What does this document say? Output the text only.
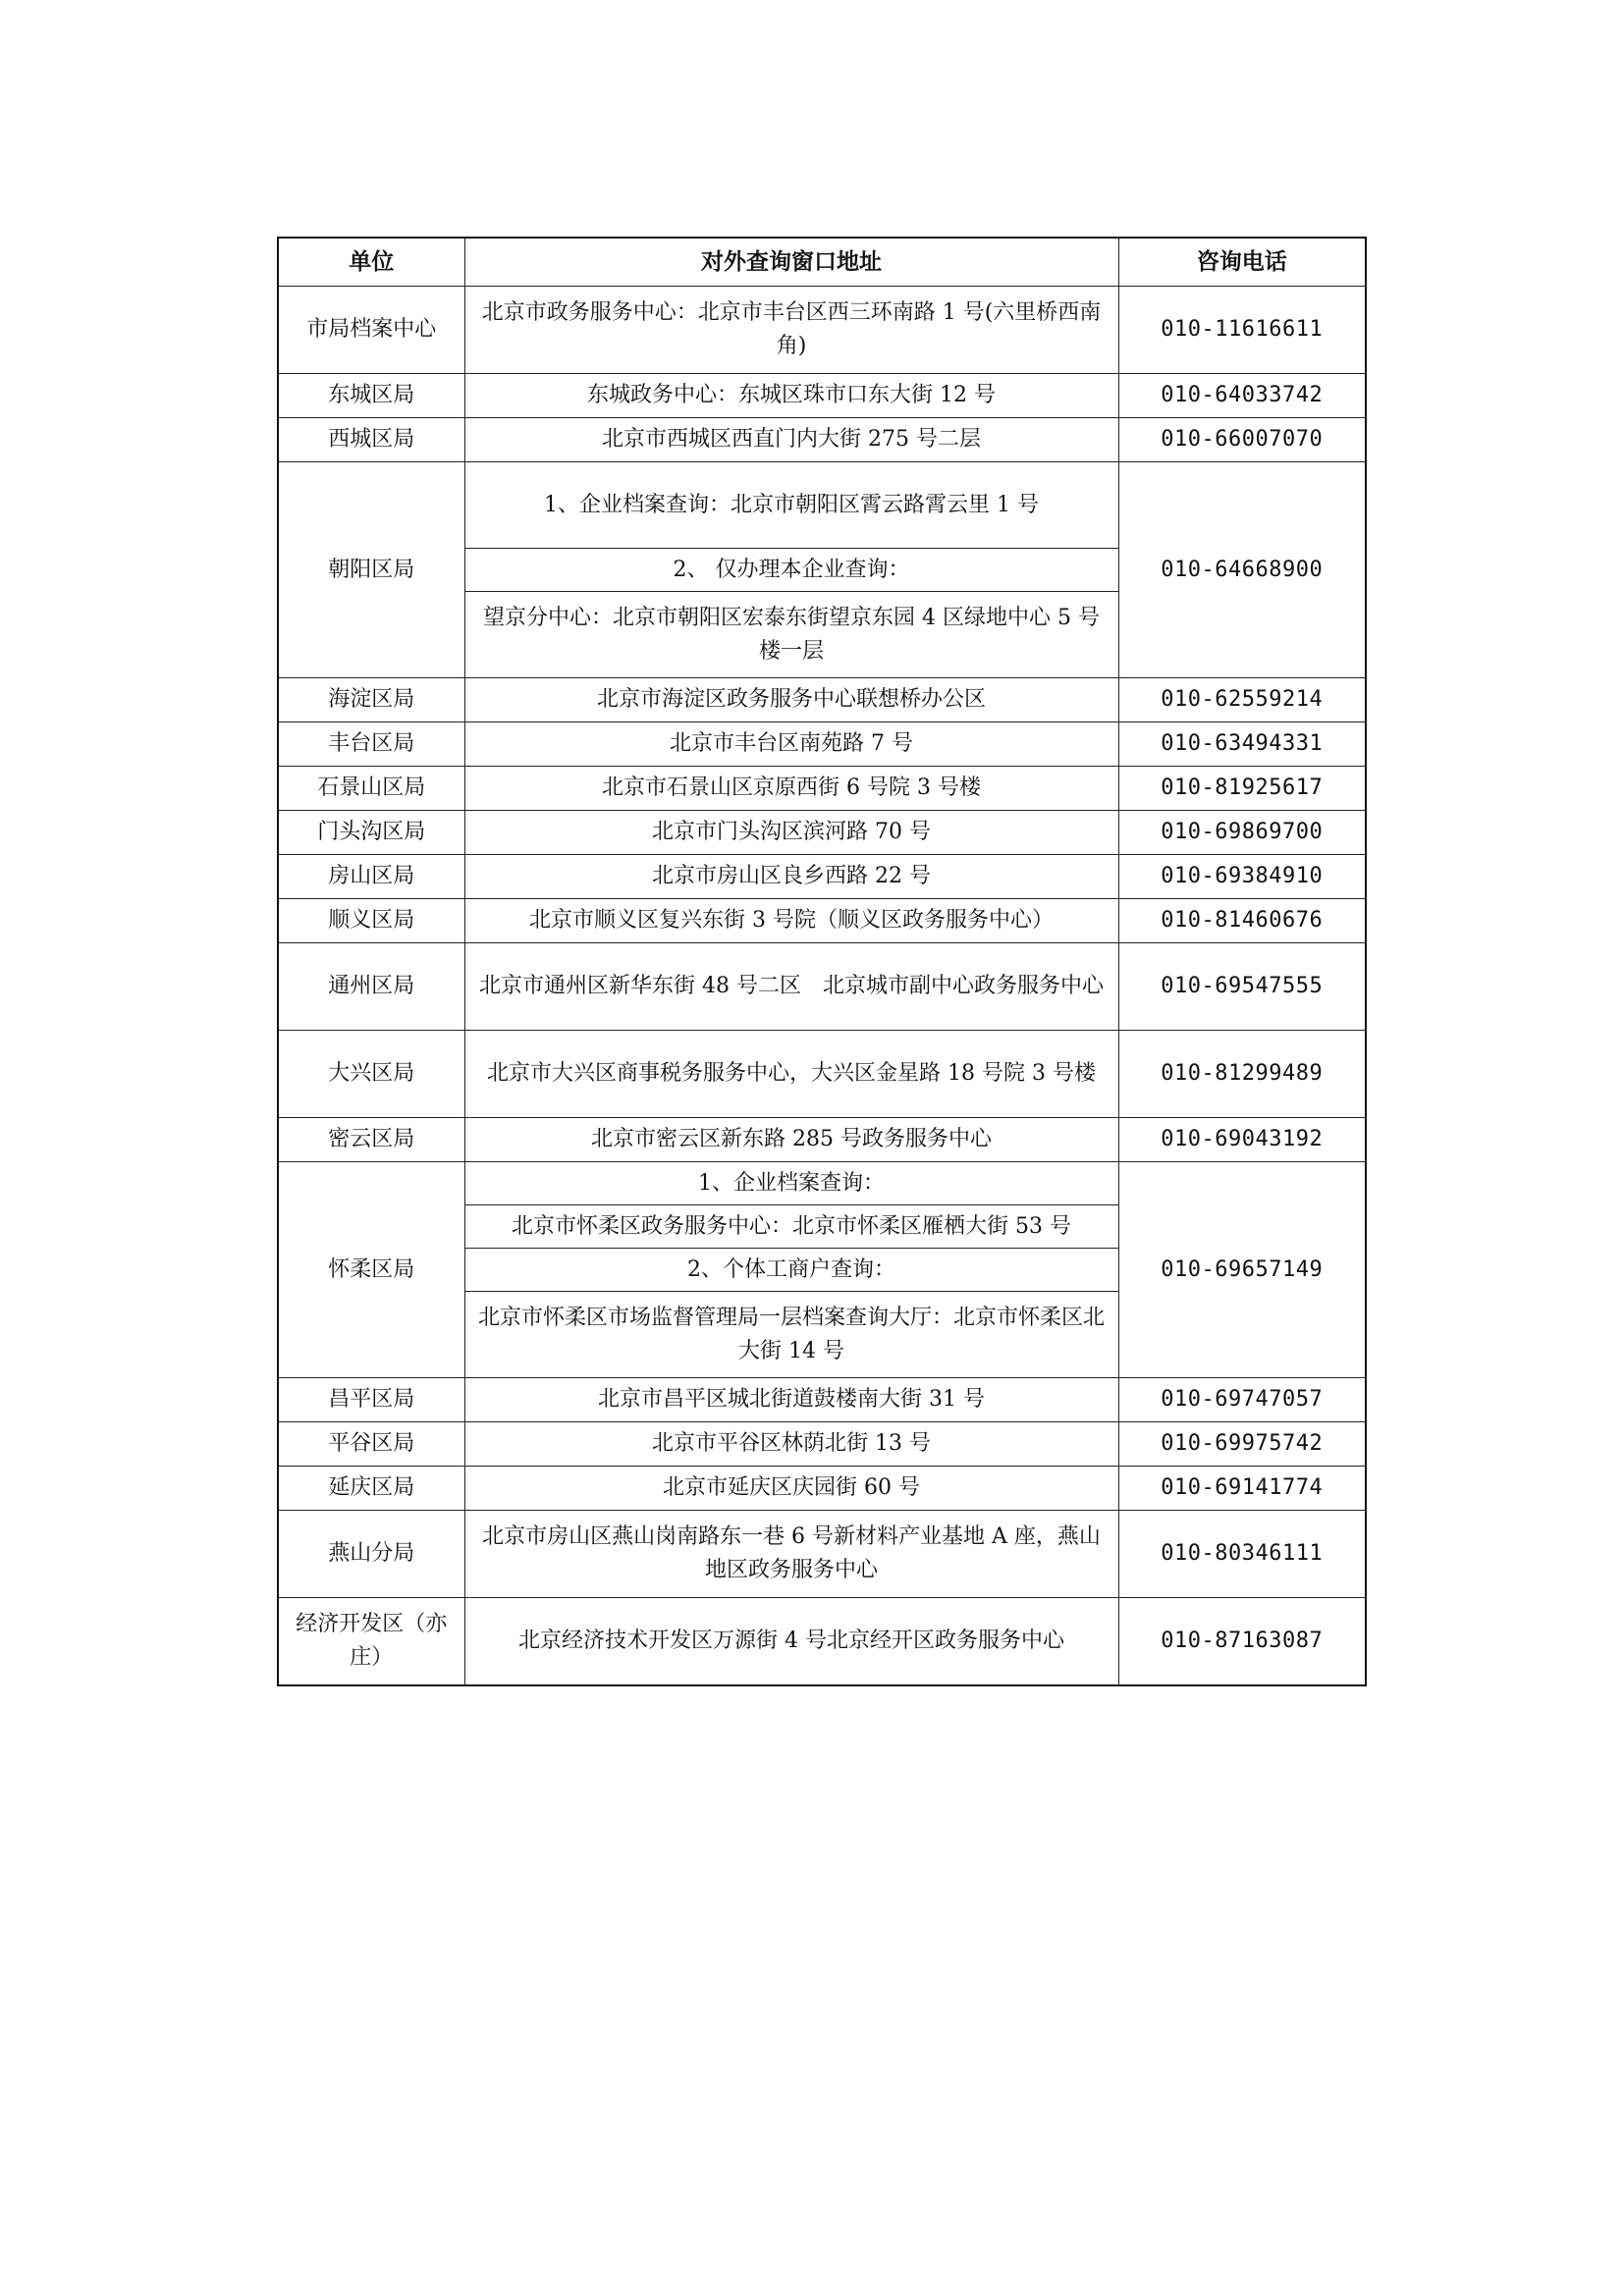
单位	对外查询窗口地址	咨询电话
市局档案中心	北京市政务服务中心：北京市丰台区西三环南路 1 号(六里桥西南角)	010-11616611
东城区局	东城政务中心：东城区珠市口东大街 12 号	010-64033742
西城区局	北京市西城区西直门内大街 275 号二层	010-66007070
朝阳区局	1、企业档案查询：北京市朝阳区霄云路霄云里 1 号	010-64668900
	2、 仅办理本企业查询：	
	望京分中心：北京市朝阳区宏泰东街望京东园 4 区绿地中心 5 号楼一层	
海淀区局	北京市海淀区政务服务中心联想桥办公区	010-62559214
丰台区局	北京市丰台区南苑路 7 号	010-63494331
石景山区局	北京市石景山区京原西街 6 号院 3 号楼	010-81925617
门头沟区局	北京市门头沟区滨河路 70 号	010-69869700
房山区局	北京市房山区良乡西路 22 号	010-69384910
顺义区局	北京市顺义区复兴东街 3 号院（顺义区政务服务中心）	010-81460676
通州区局	北京市通州区新华东街 48 号二区　北京城市副中心政务服务中心	010-69547555
大兴区局	北京市大兴区商事税务服务中心，大兴区金星路 18 号院 3 号楼	010-81299489
密云区局	北京市密云区新东路 285 号政务服务中心	010-69043192
怀柔区局	1、企业档案查询：	010-69657149
	北京市怀柔区政务服务中心：北京市怀柔区雁栖大街 53 号	
	2、个体工商户查询：	
	北京市怀柔区市场监督管理局一层档案查询大厅：北京市怀柔区北大街 14 号	
昌平区局	北京市昌平区城北街道鼓楼南大街 31 号	010-69747057
平谷区局	北京市平谷区林荫北街 13 号	010-69975742
延庆区局	北京市延庆区庆园街 60 号	010-69141774
燕山分局	北京市房山区燕山岗南路东一巷 6 号新材料产业基地 A 座，燕山地区政务服务中心	010-80346111
经济开发区（亦庄）	北京经济技术开发区万源街 4 号北京经开区政务服务中心	010-87163087
